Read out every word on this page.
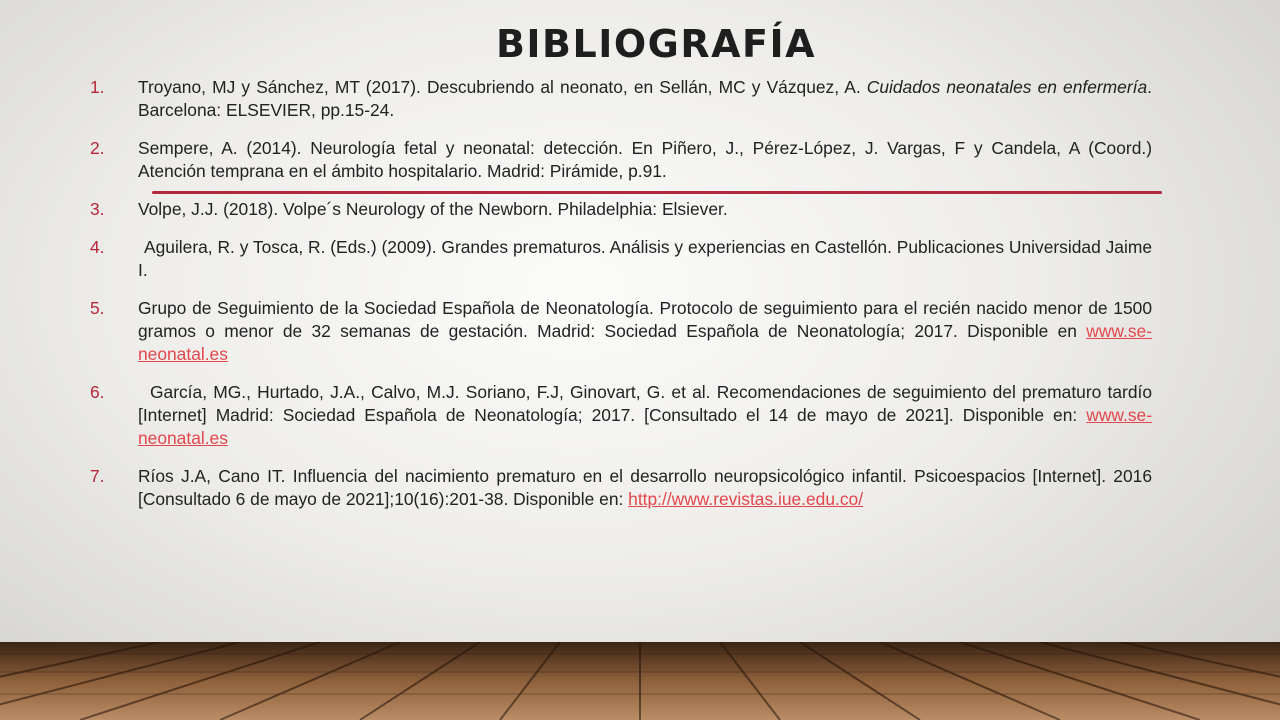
BIBLIOGRAFÍA
1. Troyano, MJ y Sánchez, MT (2017). Descubriendo al neonato, en Sellán, MC y Vázquez, A. Cuidados neonatales en enfermería. Barcelona: ELSEVIER, pp.15-24.
2. Sempere, A. (2014). Neurología fetal y neonatal: detección. En Piñero, J., Pérez-López, J. Vargas, F y Candela, A (Coord.) Atención temprana en el ámbito hospitalario. Madrid: Pirámide, p.91.
3. Volpe, J.J. (2018). Volpe´s Neurology of the Newborn. Philadelphia: Elsiever.
4. Aguilera, R. y Tosca, R. (Eds.) (2009). Grandes prematuros. Análisis y experiencias en Castellón. Publicaciones Universidad Jaime I.
5. Grupo de Seguimiento de la Sociedad Española de Neonatología. Protocolo de seguimiento para el recién nacido menor de 1500 gramos o menor de 32 semanas de gestación. Madrid: Sociedad Española de Neonatología; 2017. Disponible en www.se-neonatal.es
6.	García, MG., Hurtado, J.A., Calvo, M.J. Soriano, F.J, Ginovart, G. et al. Recomendaciones de seguimiento del prematuro tardío [Internet] Madrid: Sociedad Española de Neonatología; 2017. [Consultado el 14 de mayo de 2021]. Disponible en: www.se-neonatal.es
7. Ríos J.A, Cano IT. Influencia del nacimiento prematuro en el desarrollo neuropsicológico infantil. Psicoespacios [Internet]. 2016 [Consultado 6 de mayo de 2021];10(16):201-38. Disponible en: http://www.revistas.iue.edu.co/
